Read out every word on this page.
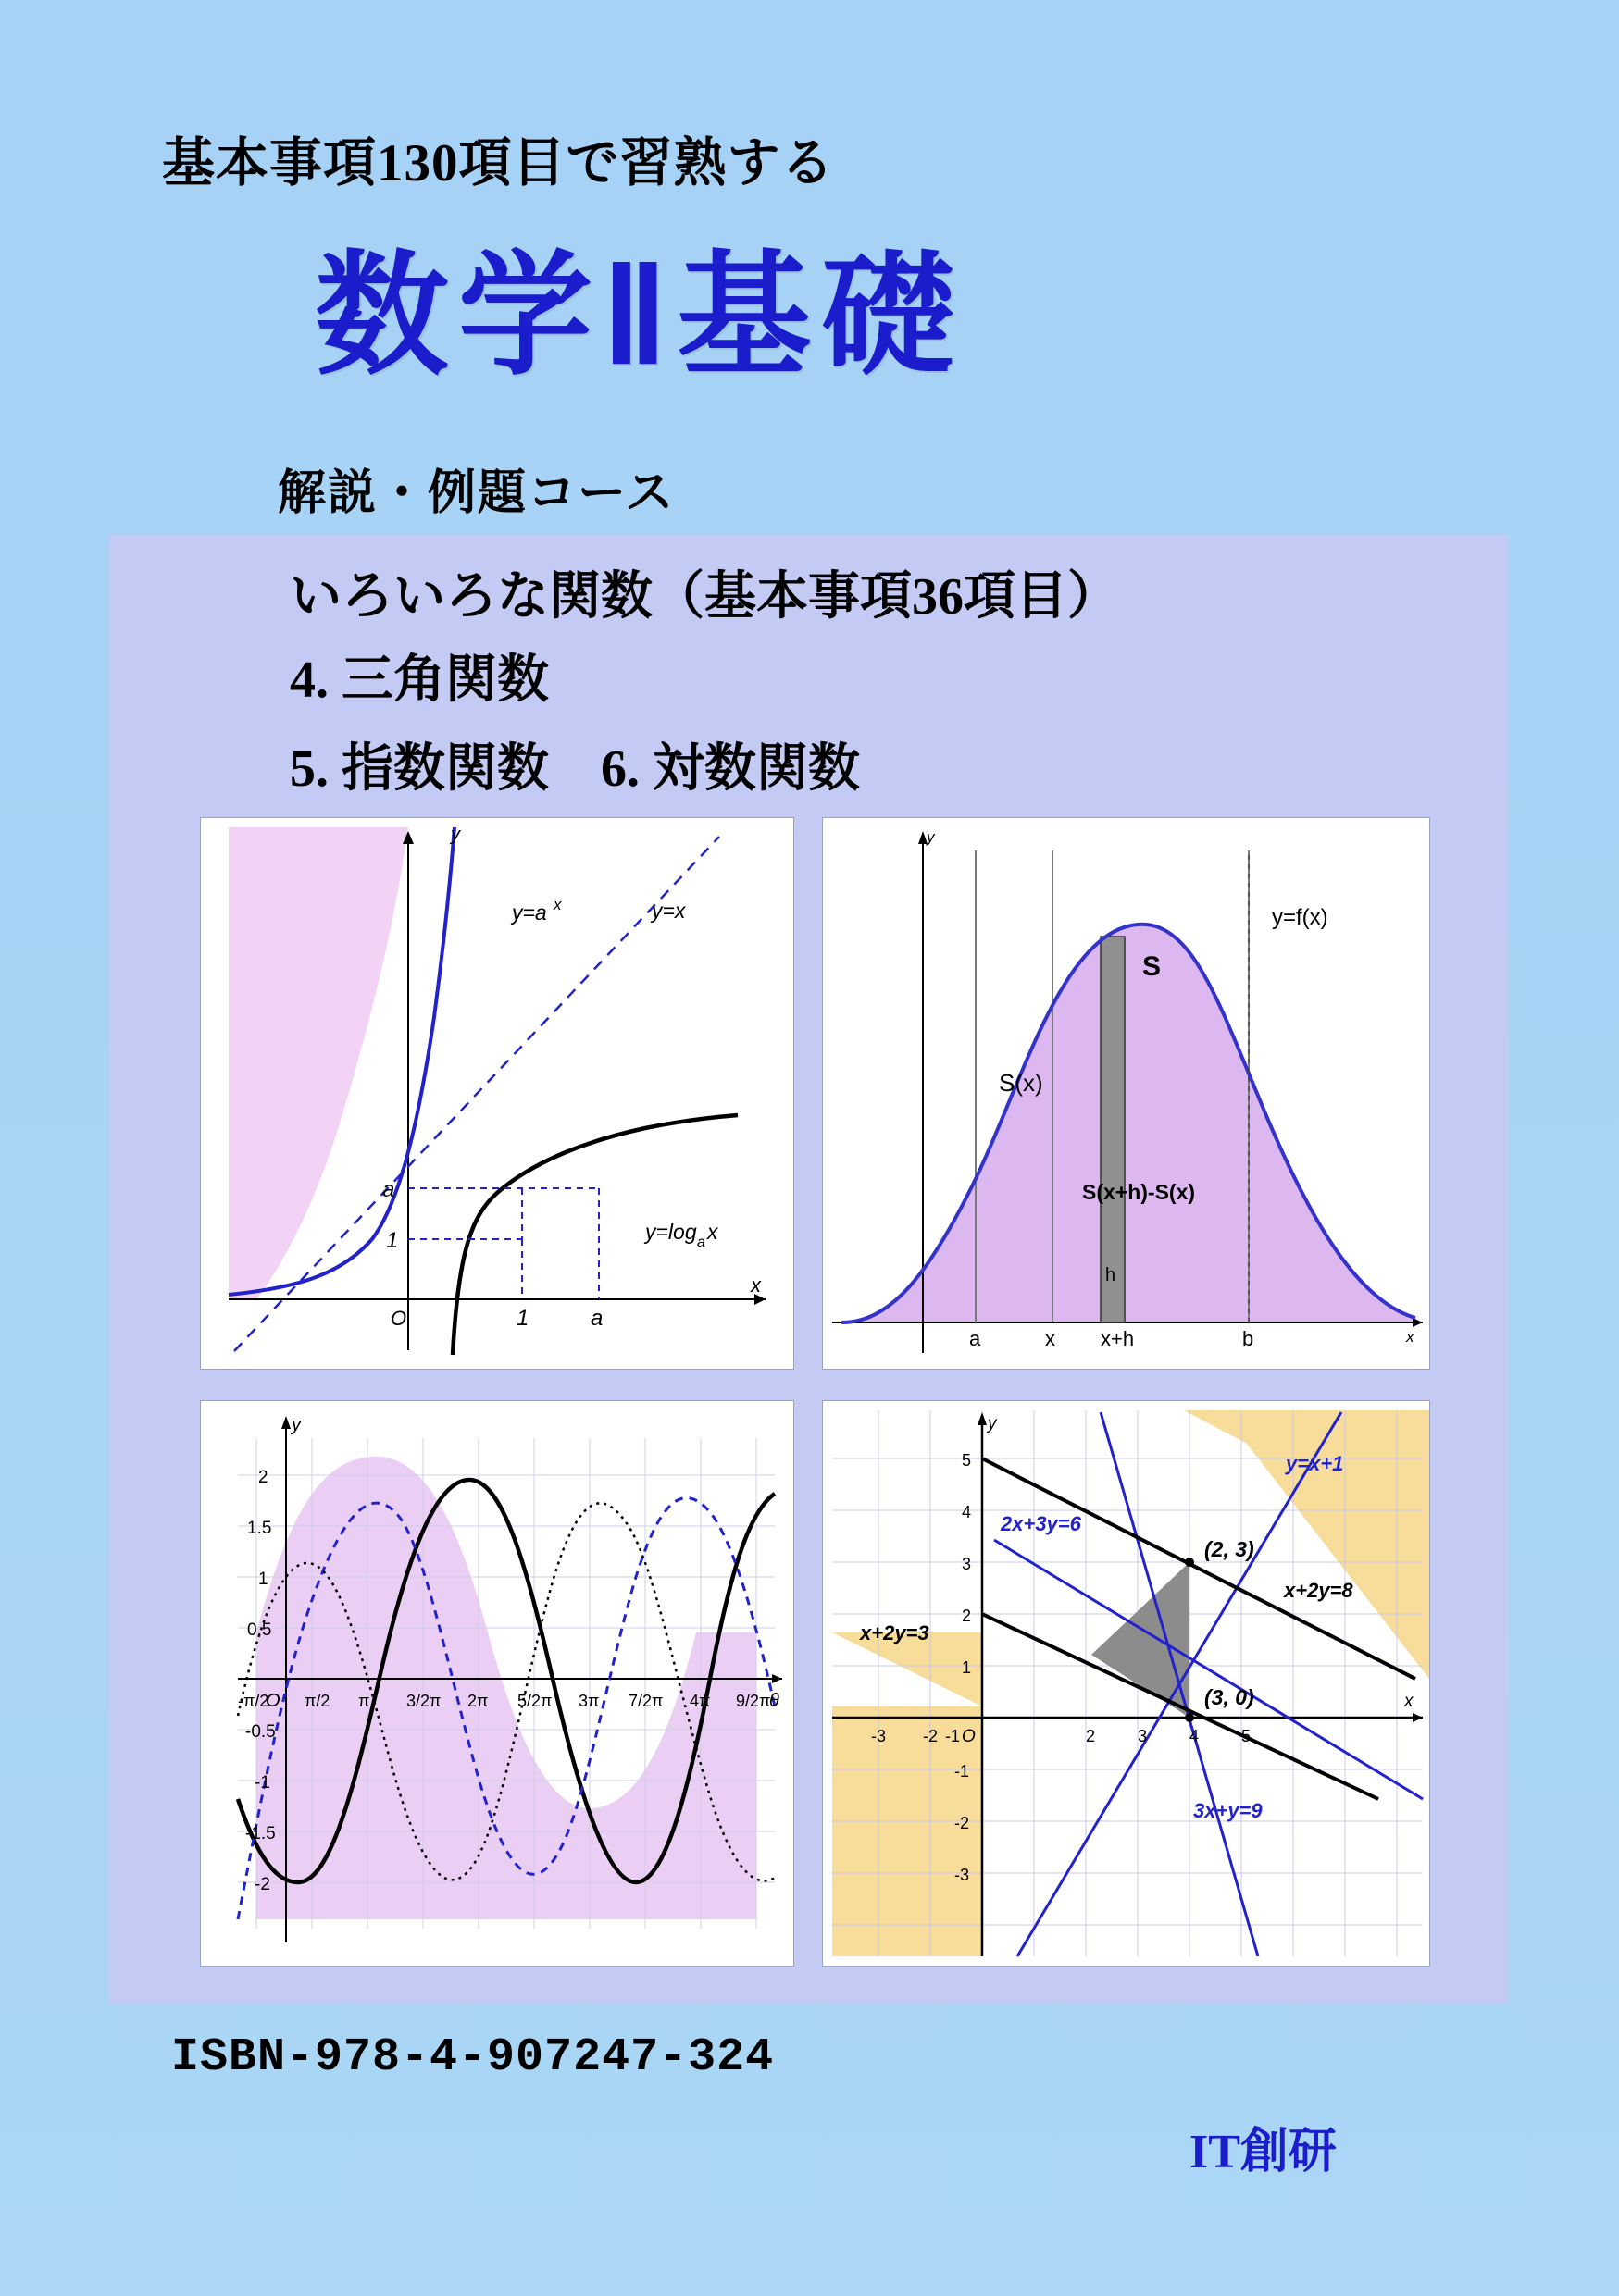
基本事項130項目で習熟する
数学Ⅱ基礎
解説・例題コース
いろいろな関数（基本事項36項目）
4. 三角関数
5. 指数関数　6. 対数関数
y=a x	y=x
y=log a x
y
x
O
a
1
1	a
y
x
y=f(x)
S
S(x)
S(x+h)-S(x)
h
a	x x+h	b
2
1.5
1
0.5
-0.5
-1
-1.5
-2
-π/2 π/2 π 3/2π 2π 5/2π 3π 7/2π 4π 9/2π
y
θ
O
y=x+1
2x+3y=6
x+2y=3
x+2y=8
3x+y=9
(2, 3)
(3, 0)
y
x
O
-3 -2 -1	2	3	4	5
5
4
3
2
1
-1
-2
-3
ISBN-978-4-907247-324
IT創研
